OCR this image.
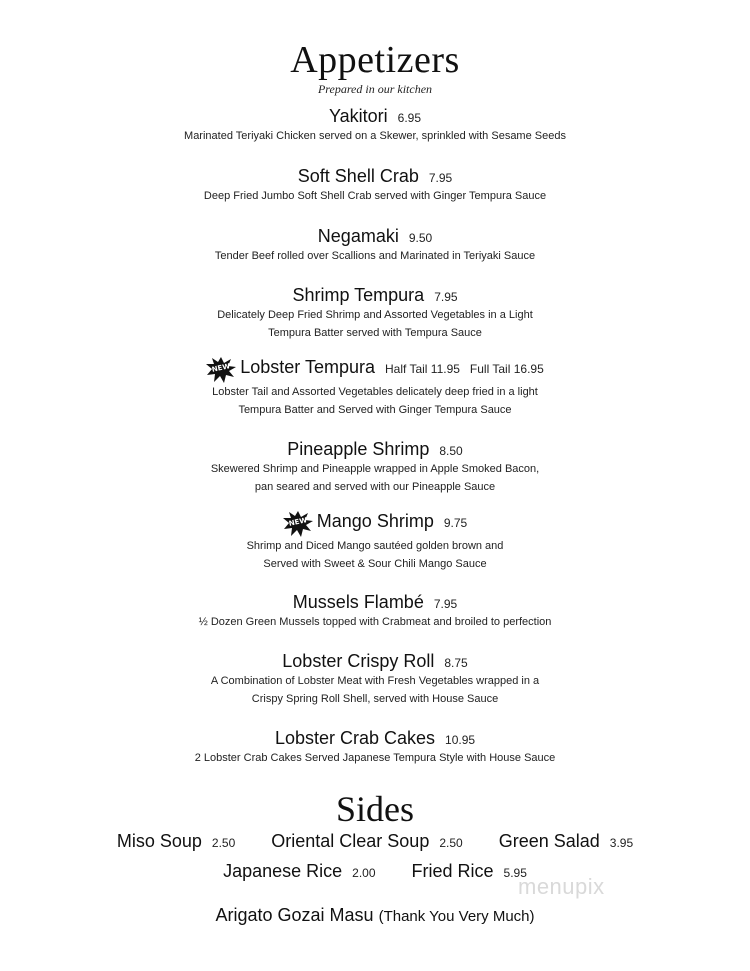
Appetizers
Prepared in our kitchen
Yakitori 6.95
Marinated Teriyaki Chicken served on a Skewer, sprinkled with Sesame Seeds
Soft Shell Crab 7.95
Deep Fried Jumbo Soft Shell Crab served with Ginger Tempura Sauce
Negamaki 9.50
Tender Beef rolled over Scallions and Marinated in Teriyaki Sauce
Shrimp Tempura 7.95
Delicately Deep Fried Shrimp and Assorted Vegetables in a Light
Tempura Batter served with Tempura Sauce
NEW Lobster Tempura Half Tail 11.95   Full Tail 16.95
Lobster Tail and Assorted Vegetables delicately deep fried in a light
Tempura Batter and Served with Ginger Tempura Sauce
Pineapple Shrimp 8.50
Skewered Shrimp and Pineapple wrapped in Apple Smoked Bacon,
pan seared and served with our Pineapple Sauce
NEW Mango Shrimp 9.75
Shrimp and Diced Mango sautéed golden brown and
Served with Sweet & Sour Chili Mango Sauce
Mussels Flambé 7.95
½ Dozen Green Mussels topped with Crabmeat and broiled to perfection
Lobster Crispy Roll 8.75
A Combination of Lobster Meat with Fresh Vegetables wrapped in a
Crispy Spring Roll Shell, served with House Sauce
Lobster Crab Cakes 10.95
2 Lobster Crab Cakes Served Japanese Tempura Style with House Sauce
Sides
Miso Soup 2.50 Oriental Clear Soup 2.50 Green Salad 3.95
Japanese Rice 2.00 Fried Rice 5.95
menupix
Arigato Gozai Masu (Thank You Very Much)
